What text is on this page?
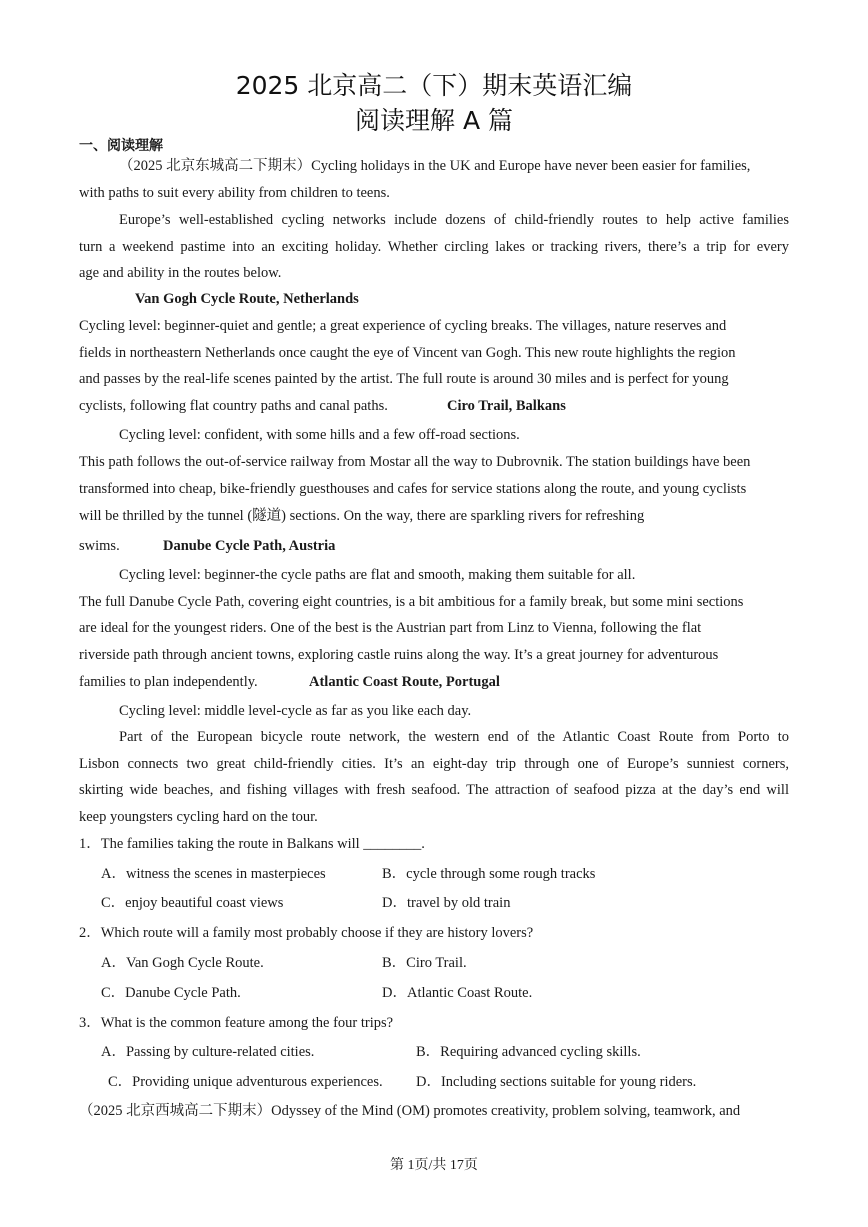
2025 北京高二（下）期末英语汇编
阅读理解 A 篇
一、阅读理解
（2025 北京东城高二下期末）Cycling holidays in the UK and Europe have never been easier for families,
with paths to suit every ability from children to teens.
Europe’s well-established cycling networks include dozens of child-friendly routes to help active families
turn a weekend pastime into an exciting holiday. Whether circling lakes or tracking rivers, there’s a trip for every
age and ability in the routes below.
Van Gogh Cycle Route, Netherlands
Cycling level: beginner-quiet and gentle; a great experience of cycling breaks. The villages, nature reserves and
fields in northeastern Netherlands once caught the eye of Vincent van Gogh. This new route highlights the region
and passes by the real-life scenes painted by the artist. The full route is around 30 miles and is perfect for young
cyclists, following flat country paths and canal paths.	Ciro Trail, Balkans
Cycling level: confident, with some hills and a few off-road sections.
This path follows the out-of-service railway from Mostar all the way to Dubrovnik. The station buildings have been
transformed into cheap, bike-friendly guesthouses and cafes for service stations along the route, and young cyclists
will be thrilled by the tunnel (隧道) sections. On the way, there are sparkling rivers for refreshing
swims.	Danube Cycle Path, Austria
Cycling level: beginner-the cycle paths are flat and smooth, making them suitable for all.
The full Danube Cycle Path, covering eight countries, is a bit ambitious for a family break, but some mini sections
are ideal for the youngest riders. One of the best is the Austrian part from Linz to Vienna, following the flat
riverside path through ancient towns, exploring castle ruins along the way. It’s a great journey for adventurous
families to plan independently.	Atlantic Coast Route, Portugal
Cycling level: middle level-cycle as far as you like each day.
Part of the European bicycle route network, the western end of the Atlantic Coast Route from Porto to
Lisbon connects two great child-friendly cities. It’s an eight-day trip through one of Europe’s sunniest corners,
skirting wide beaches, and fishing villages with fresh seafood. The attraction of seafood pizza at the day’s end will
keep youngsters cycling hard on the tour.
1．The families taking the route in Balkans will ________.
A．witness the scenes in masterpieces	B．cycle through some rough tracks
C．enjoy beautiful coast views	D．travel by old train
2．Which route will a family most probably choose if they are history lovers?
A．Van Gogh Cycle Route.	B．Ciro Trail.
C．Danube Cycle Path.	D．Atlantic Coast Route.
3．What is the common feature among the four trips?
A．Passing by culture-related cities.	B．Requiring advanced cycling skills.
C．Providing unique adventurous experiences. D．Including sections suitable for young riders.
（2025 北京西城高二下期末）Odyssey of the Mind (OM) promotes creativity, problem solving, teamwork, and
第 1页/共 17页
